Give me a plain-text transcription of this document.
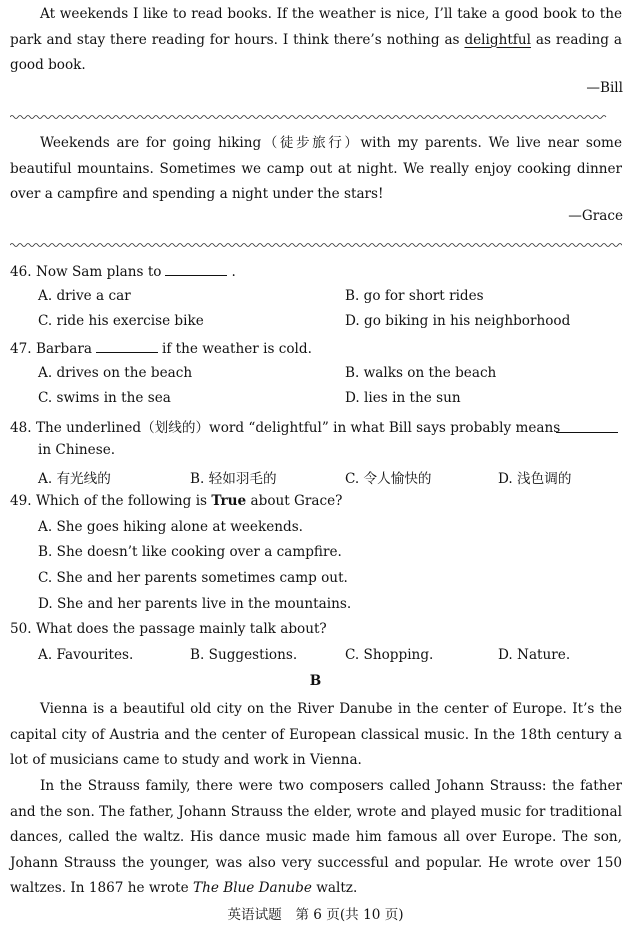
At weekends I like to read books. If the weather is nice, I’ll take a good book to the park and stay there reading for hours. I think there’s nothing as delightful as reading a good book.

—Bill

Weekends are for going hiking（徒步旅行）with my parents. We live near some beautiful mountains. Sometimes we camp out at night. We really enjoy cooking dinner over a campfire and spending a night under the stars!

—Grace
46. Now Sam plans to	.
A. drive a car	B. go for short rides
C. ride his exercise bike	D. go biking in his neighborhood
47. Barbara	if the weather is cold.
A. drives on the beach	B. walks on the beach
C. swims in the sea	D. lies in the sun
48. The underlined（划线的）word “delightful” in what Bill says probably means
in Chinese.
A. 有光线的	B. 轻如羽毛的	C. 令人愉快的	D. 浅色调的
49. Which of the following is True about Grace?
A. She goes hiking alone at weekends.
B. She doesn’t like cooking over a campfire.
C. She and her parents sometimes camp out.
D. She and her parents live in the mountains.
50. What does the passage mainly talk about?
A. Favourites.	B. Suggestions.	C. Shopping.	D. Nature.
B

Vienna is a beautiful old city on the River Danube in the center of Europe. It’s the capital city of Austria and the center of European classical music. In the 18th century a lot of musicians came to study and work in Vienna.

In the Strauss family, there were two composers called Johann Strauss: the father and the son. The father, Johann Strauss the elder, wrote and played music for traditional dances, called the waltz. His dance music made him famous all over Europe. The son, Johann Strauss the younger, was also very successful and popular. He wrote over 150 waltzes. In 1867 he wrote The Blue Danube waltz.

英语试题　第 6 页(共 10 页)
